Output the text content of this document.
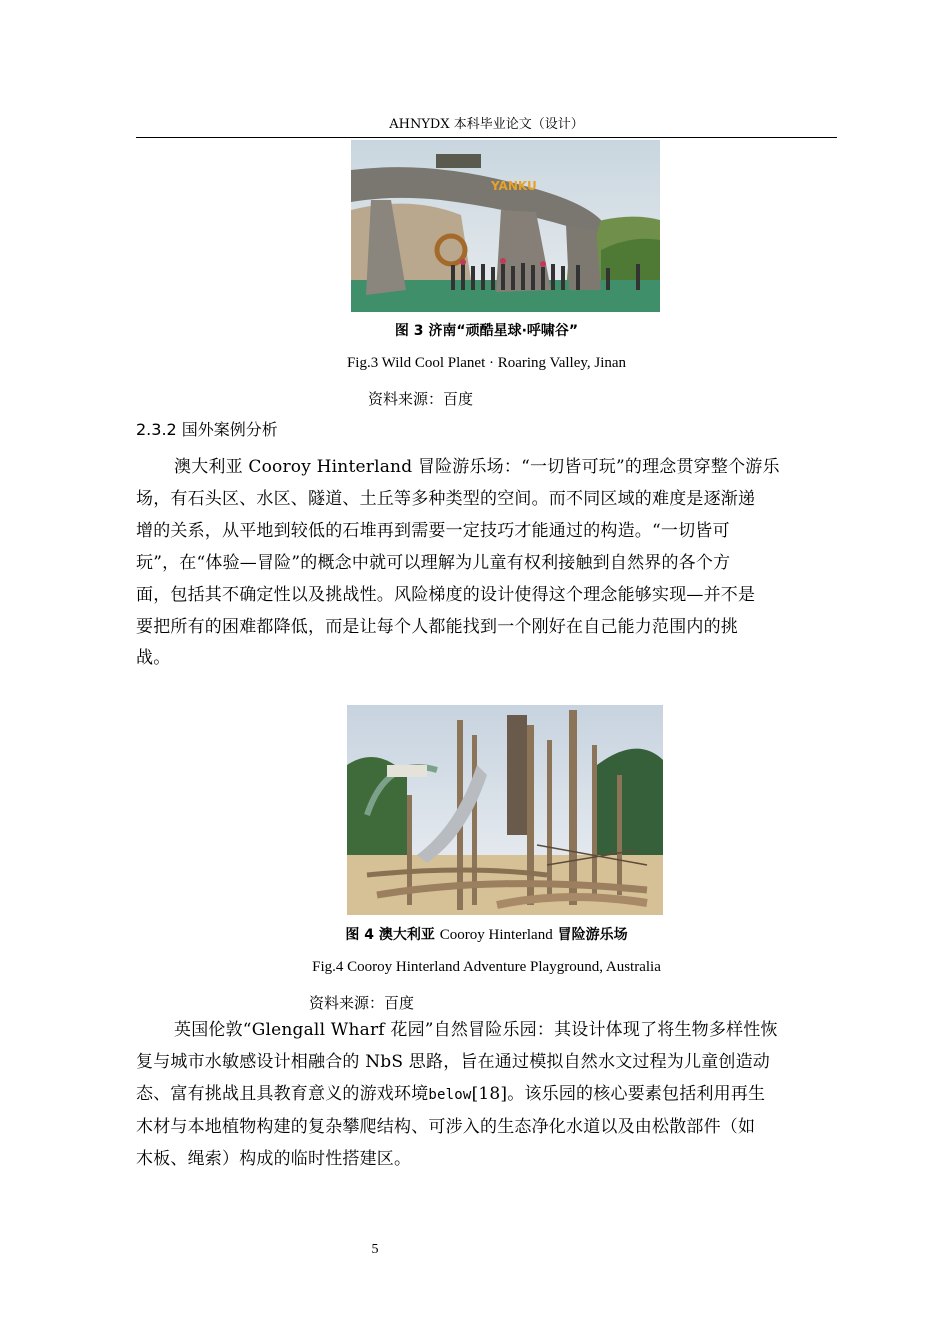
AHNYDX 本科毕业论文（设计）
YANKU
图 3 济南“顽酷星球·呼啸谷”
Fig.3 Wild Cool Planet · Roaring Valley, Jinan
资料来源：百度
2.3.2 国外案例分析
澳大利亚 Cooroy Hinterland 冒险游乐场：“一切皆可玩”的理念贯穿整个游乐
场，有石头区、水区、隧道、土丘等多种类型的空间。而不同区域的难度是逐渐递
增的关系，从平地到较低的石堆再到需要一定技巧才能通过的构造。“一切皆可
玩”，在“体验—冒险”的概念中就可以理解为儿童有权利接触到自然界的各个方
面，包括其不确定性以及挑战性。风险梯度的设计使得这个理念能够实现—并不是
要把所有的困难都降低，而是让每个人都能找到一个刚好在自己能力范围内的挑
战。
图 4 澳大利亚 Cooroy Hinterland 冒险游乐场
Fig.4 Cooroy Hinterland Adventure Playground, Australia
资料来源：百度
英国伦敦“Glengall Wharf 花园”自然冒险乐园：其设计体现了将生物多样性恢
复与城市水敏感设计相融合的 NbS 思路，旨在通过模拟自然水文过程为儿童创造动
态、富有挑战且具教育意义的游戏环境below[18]。该乐园的核心要素包括利用再生
木材与本地植物构建的复杂攀爬结构、可涉入的生态净化水道以及由松散部件（如
木板、绳索）构成的临时性搭建区。
5
